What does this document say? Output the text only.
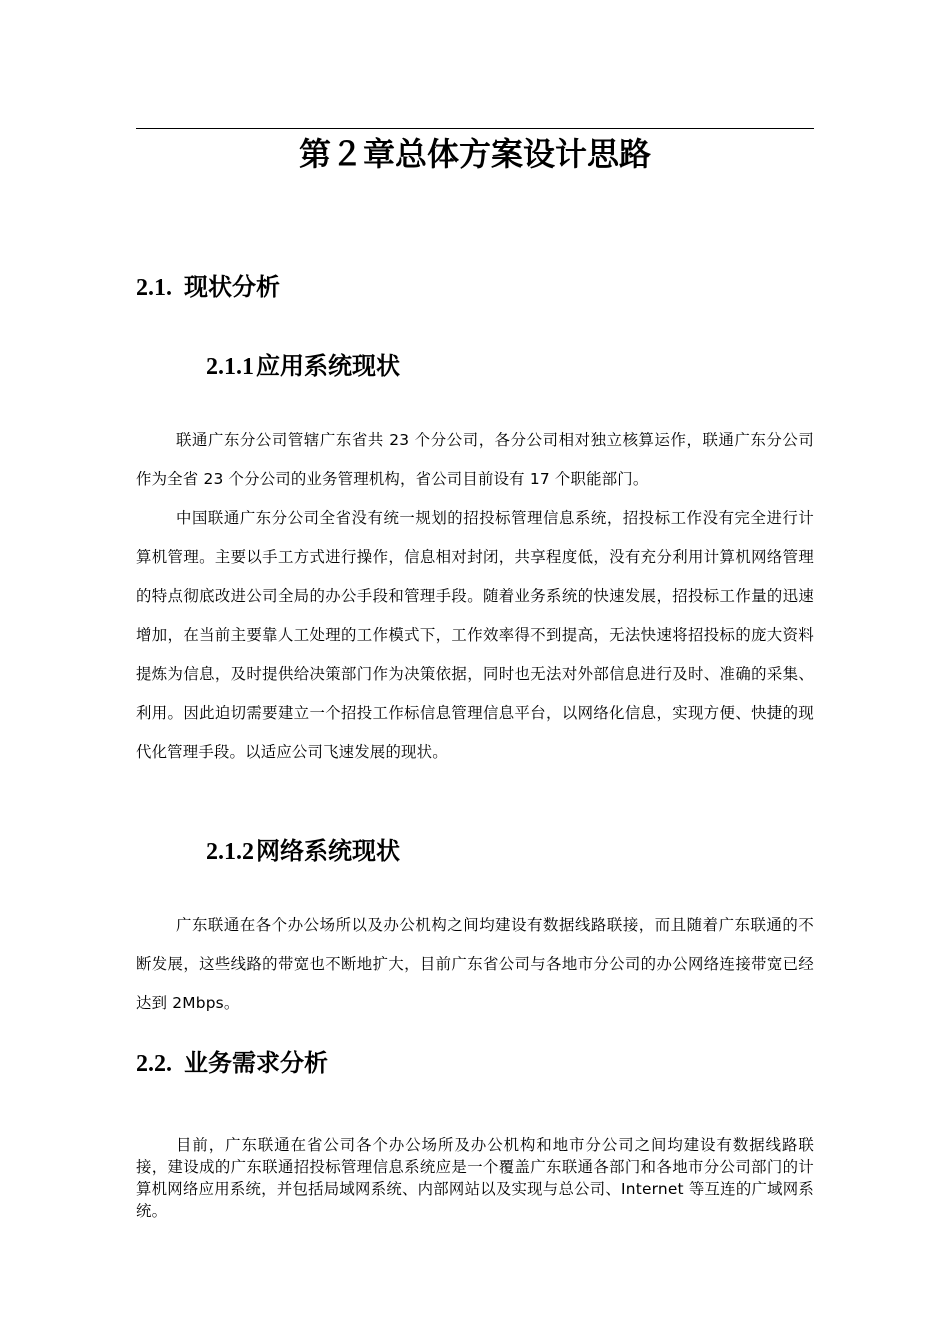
第２章总体方案设计思路
2.1. 现状分析
2.1.1应用系统现状

联通广东分公司管辖广东省共 23 个分公司，各分公司相对独立核算运作，联通广东分公司作为全省 23 个分公司的业务管理机构，省公司目前设有 17 个职能部门。

中国联通广东分公司全省没有统一规划的招投标管理信息系统，招投标工作没有完全进行计算机管理。主要以手工方式进行操作，信息相对封闭，共享程度低，没有充分利用计算机网络管理的特点彻底改进公司全局的办公手段和管理手段。随着业务系统的快速发展，招投标工作量的迅速增加，在当前主要靠人工处理的工作模式下，工作效率得不到提高，无法快速将招投标的庞大资料提炼为信息，及时提供给决策部门作为决策依据，同时也无法对外部信息进行及时、准确的采集、利用。因此迫切需要建立一个招投工作标信息管理信息平台，以网络化信息，实现方便、快捷的现代化管理手段。以适应公司飞速发展的现状。

2.1.2网络系统现状

广东联通在各个办公场所以及办公机构之间均建设有数据线路联接，而且随着广东联通的不断发展，这些线路的带宽也不断地扩大，目前广东省公司与各地市分公司的办公网络连接带宽已经达到 2Mbps。

2.2. 业务需求分析

目前，广东联通在省公司各个办公场所及办公机构和地市分公司之间均建设有数据线路联接，建设成的广东联通招投标管理信息系统应是一个覆盖广东联通各部门和各地市分公司部门的计算机网络应用系统，并包括局域网系统、内部网站以及实现与总公司、Internet 等互连的广域网系统。
